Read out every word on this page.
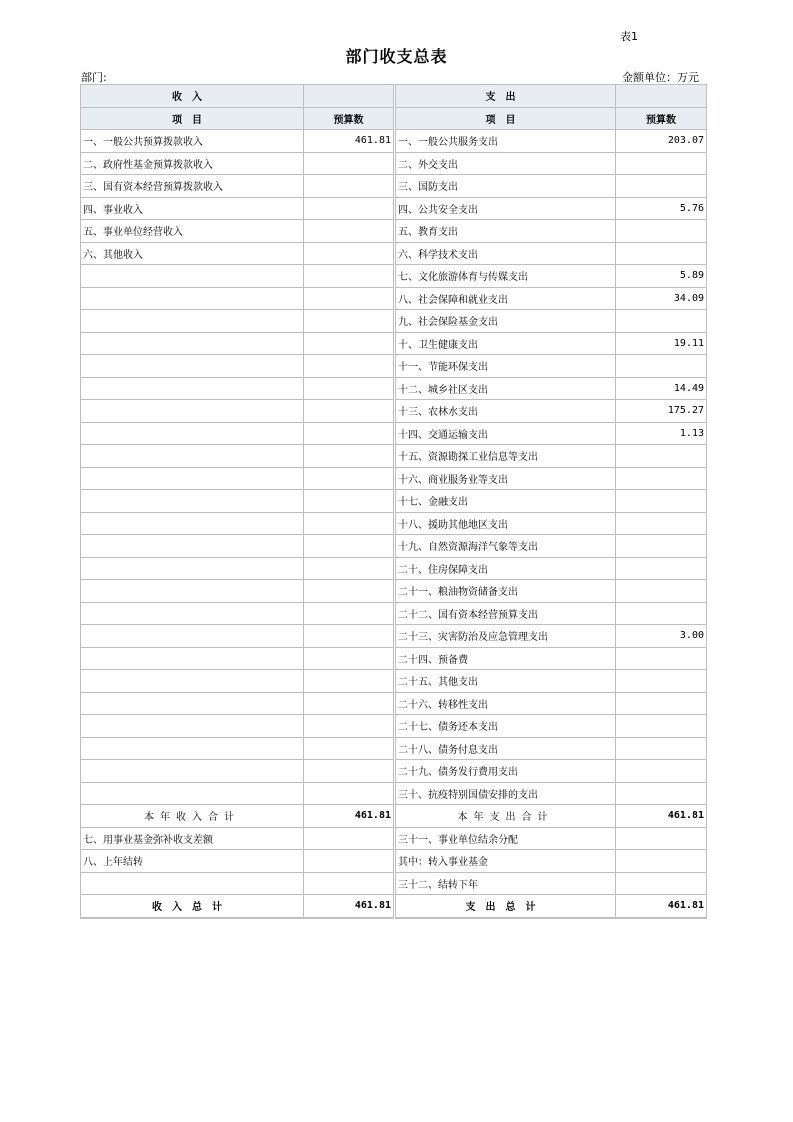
表1
部门收支总表
部门:	金额单位：万元
收入			支出	
项目	预算数		项目	预算数
一、一般公共预算拨款收入	461.81		一、一般公共服务支出	203.07
二、政府性基金预算拨款收入			二、外交支出	
三、国有资本经营预算拨款收入			三、国防支出	
四、事业收入			四、公共安全支出	5.76
五、事业单位经营收入			五、教育支出	
六、其他收入			六、科学技术支出	
			七、文化旅游体育与传媒支出	5.89
			八、社会保障和就业支出	34.09
			九、社会保险基金支出	
			十、卫生健康支出	19.11
			十一、节能环保支出	
			十二、城乡社区支出	14.49
			十三、农林水支出	175.27
			十四、交通运输支出	1.13
			十五、资源勘探工业信息等支出	
			十六、商业服务业等支出	
			十七、金融支出	
			十八、援助其他地区支出	
			十九、自然资源海洋气象等支出	
			二十、住房保障支出	
			二十一、粮油物资储备支出	
			二十二、国有资本经营预算支出	
			二十三、灾害防治及应急管理支出	3.00
			二十四、预备费	
			二十五、其他支出	
			二十六、转移性支出	
			二十七、债务还本支出	
			二十八、债务付息支出	
			二十九、债务发行费用支出	
			三十、抗疫特别国债安排的支出	
本年收入合计	461.81		本年支出合计	461.81
七、用事业基金弥补收支差额			三十一、事业单位结余分配	
八、上年结转			其中：转入事业基金	
			三十二、结转下年	
收入总计	461.81		支出总计	461.81
